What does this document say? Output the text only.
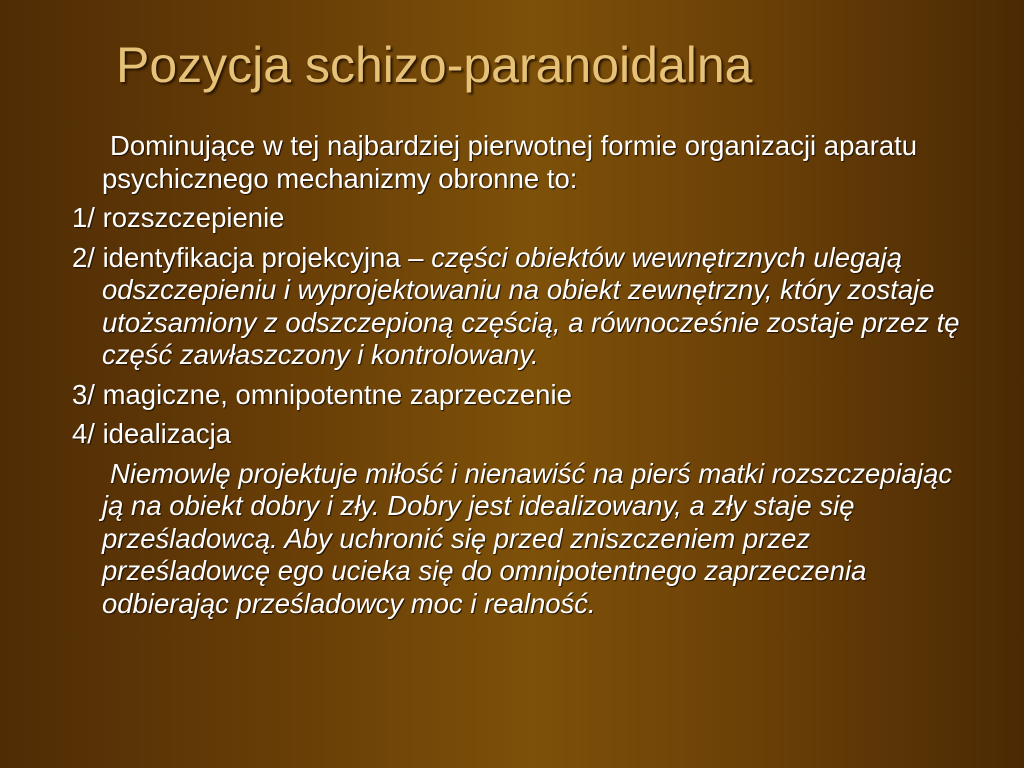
Pozycja schizo-paranoidalna

Dominujące w tej najbardziej pierwotnej formie organizacji aparatu psychicznego mechanizmy obronne to:

1/ rozszczepienie

2/ identyfikacja projekcyjna – części obiektów wewnętrznych ulegają odszczepieniu i wyprojektowaniu na obiekt zewnętrzny, który zostaje utożsamiony z odszczepioną częścią, a równocześnie zostaje przez tę część zawłaszczony i kontrolowany.

3/ magiczne, omnipotentne zaprzeczenie

4/ idealizacja

Niemowlę projektuje miłość i nienawiść na pierś matki rozszczepiając ją na obiekt dobry i zły. Dobry jest idealizowany, a zły staje się prześladowcą. Aby uchronić się przed zniszczeniem przez prześladowcę ego ucieka się do omnipotentnego zaprzeczenia odbierając prześladowcy moc i realność.
